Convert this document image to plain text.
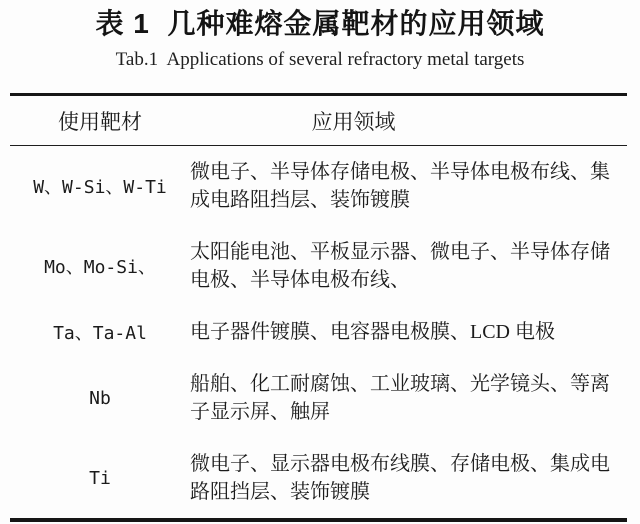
表 1  几种难熔金属靶材的应用领域
Tab.1  Applications of several refractory metal targets
使用靶材	应用领域
W、W-Si、W-Ti
微电子、半导体存储电极、半导体电极布线、集成电路阻挡层、装饰镀膜
Mo、Mo-Si、
太阳能电池、平板显示器、微电子、半导体存储电极、半导体电极布线、
Ta、Ta-Al	电子器件镀膜、电容器电极膜、LCD 电极
Nb
船舶、化工耐腐蚀、工业玻璃、光学镜头、等离子显示屏、触屏
Ti
微电子、显示器电极布线膜、存储电极、集成电路阻挡层、装饰镀膜
